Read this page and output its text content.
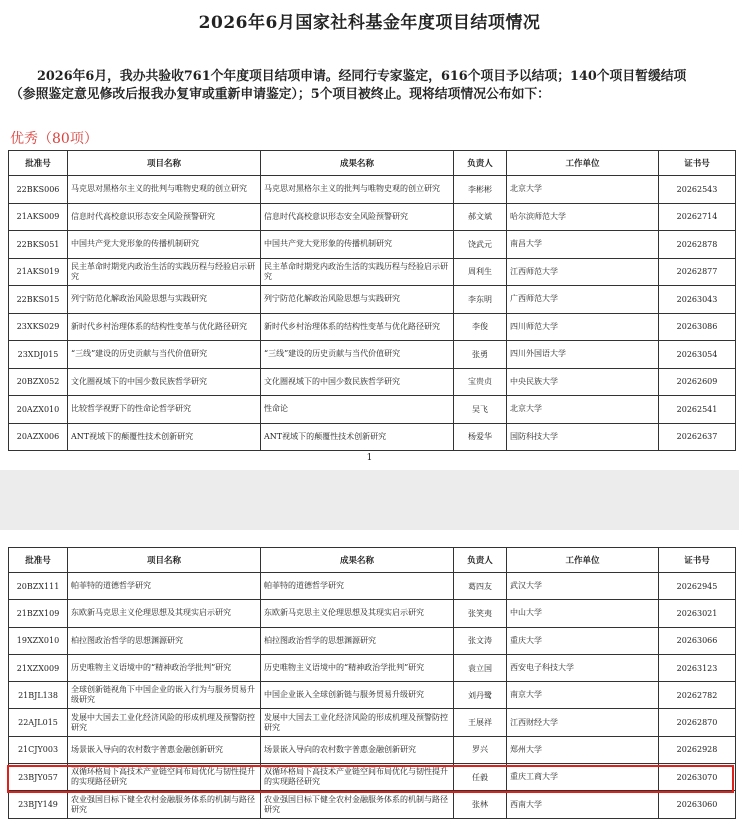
2026年6月国家社科基金年度项目结项情况

2026年6月，我办共验收761个年度项目结项申请。经同行专家鉴定，616个项目予以结项；140个项目暂缓结项

（参照鉴定意见修改后报我办复审或重新申请鉴定）；5个项目被终止。现将结项情况公布如下：

优秀（80项）
批准号	项目名称	成果名称	负责人	工作单位	证书号
22BKS006	马克思对黑格尔主义的批判与唯物史观的创立研究	马克思对黑格尔主义的批判与唯物史观的创立研究	李彬彬	北京大学	20262543
21AKS009	信息时代高校意识形态安全风险预警研究	信息时代高校意识形态安全风险预警研究	郝文斌	哈尔滨师范大学	20262714
22BKS051	中国共产党大党形象的传播机制研究	中国共产党大党形象的传播机制研究	饶武元	南昌大学	20262878
21AKS019	民主革命时期党内政治生活的实践历程与经验启示研究	民主革命时期党内政治生活的实践历程与经验启示研究	周利生	江西师范大学	20262877
22BKS015	列宁防范化解政治风险思想与实践研究	列宁防范化解政治风险思想与实践研究	李东明	广西师范大学	20263043
23XKS029	新时代乡村治理体系的结构性变革与优化路径研究	新时代乡村治理体系的结构性变革与优化路径研究	李俊	四川师范大学	20263086
23XDJ015	“三线”建设的历史贡献与当代价值研究	“三线”建设的历史贡献与当代价值研究	张勇	四川外国语大学	20263054
20BZX052	文化圈视域下的中国少数民族哲学研究	文化圈视域下的中国少数民族哲学研究	宝贵贞	中央民族大学	20262609
20AZX010	比较哲学视野下的性命论哲学研究	性命论	吴飞	北京大学	20262541
20AZX006	ANT视域下的颠覆性技术创新研究	ANT视域下的颠覆性技术创新研究	杨爱华	国防科技大学	20262637
1
批准号	项目名称	成果名称	负责人	工作单位	证书号
20BZX111	帕菲特的道德哲学研究	帕菲特的道德哲学研究	葛四友	武汉大学	20262945
21BZX109	东欧新马克思主义伦理思想及其现实启示研究	东欧新马克思主义伦理思想及其现实启示研究	张笑夷	中山大学	20263021
19XZX010	柏拉图政治哲学的思想渊源研究	柏拉图政治哲学的思想渊源研究	张文涛	重庆大学	20263066
21XZX009	历史唯物主义语境中的“精神政治学批判”研究	历史唯物主义语境中的“精神政治学批判”研究	袁立国	西安电子科技大学	20263123
21BJL138	全球创新链视角下中国企业的嵌入行为与服务贸易升级研究	中国企业嵌入全球创新链与服务贸易升级研究	刘丹鹭	南京大学	20262782
22AJL015	发展中大国去工业化经济风险的形成机理及预警防控研究	发展中大国去工业化经济风险的形成机理及预警防控研究	王展祥	江西财经大学	20262870
21CJY003	场景嵌入导向的农村数字普惠金融创新研究	场景嵌入导向的农村数字普惠金融创新研究	罗兴	郑州大学	20262928
23BJY057	双循环格局下高技术产业链空间布局优化与韧性提升的实现路径研究	双循环格局下高技术产业链空间布局优化与韧性提升的实现路径研究	任毅	重庆工商大学	20263070
23BJY149	农业强国目标下健全农村金融服务体系的机制与路径研究	农业强国目标下健全农村金融服务体系的机制与路径研究	张林	西南大学	20263060
